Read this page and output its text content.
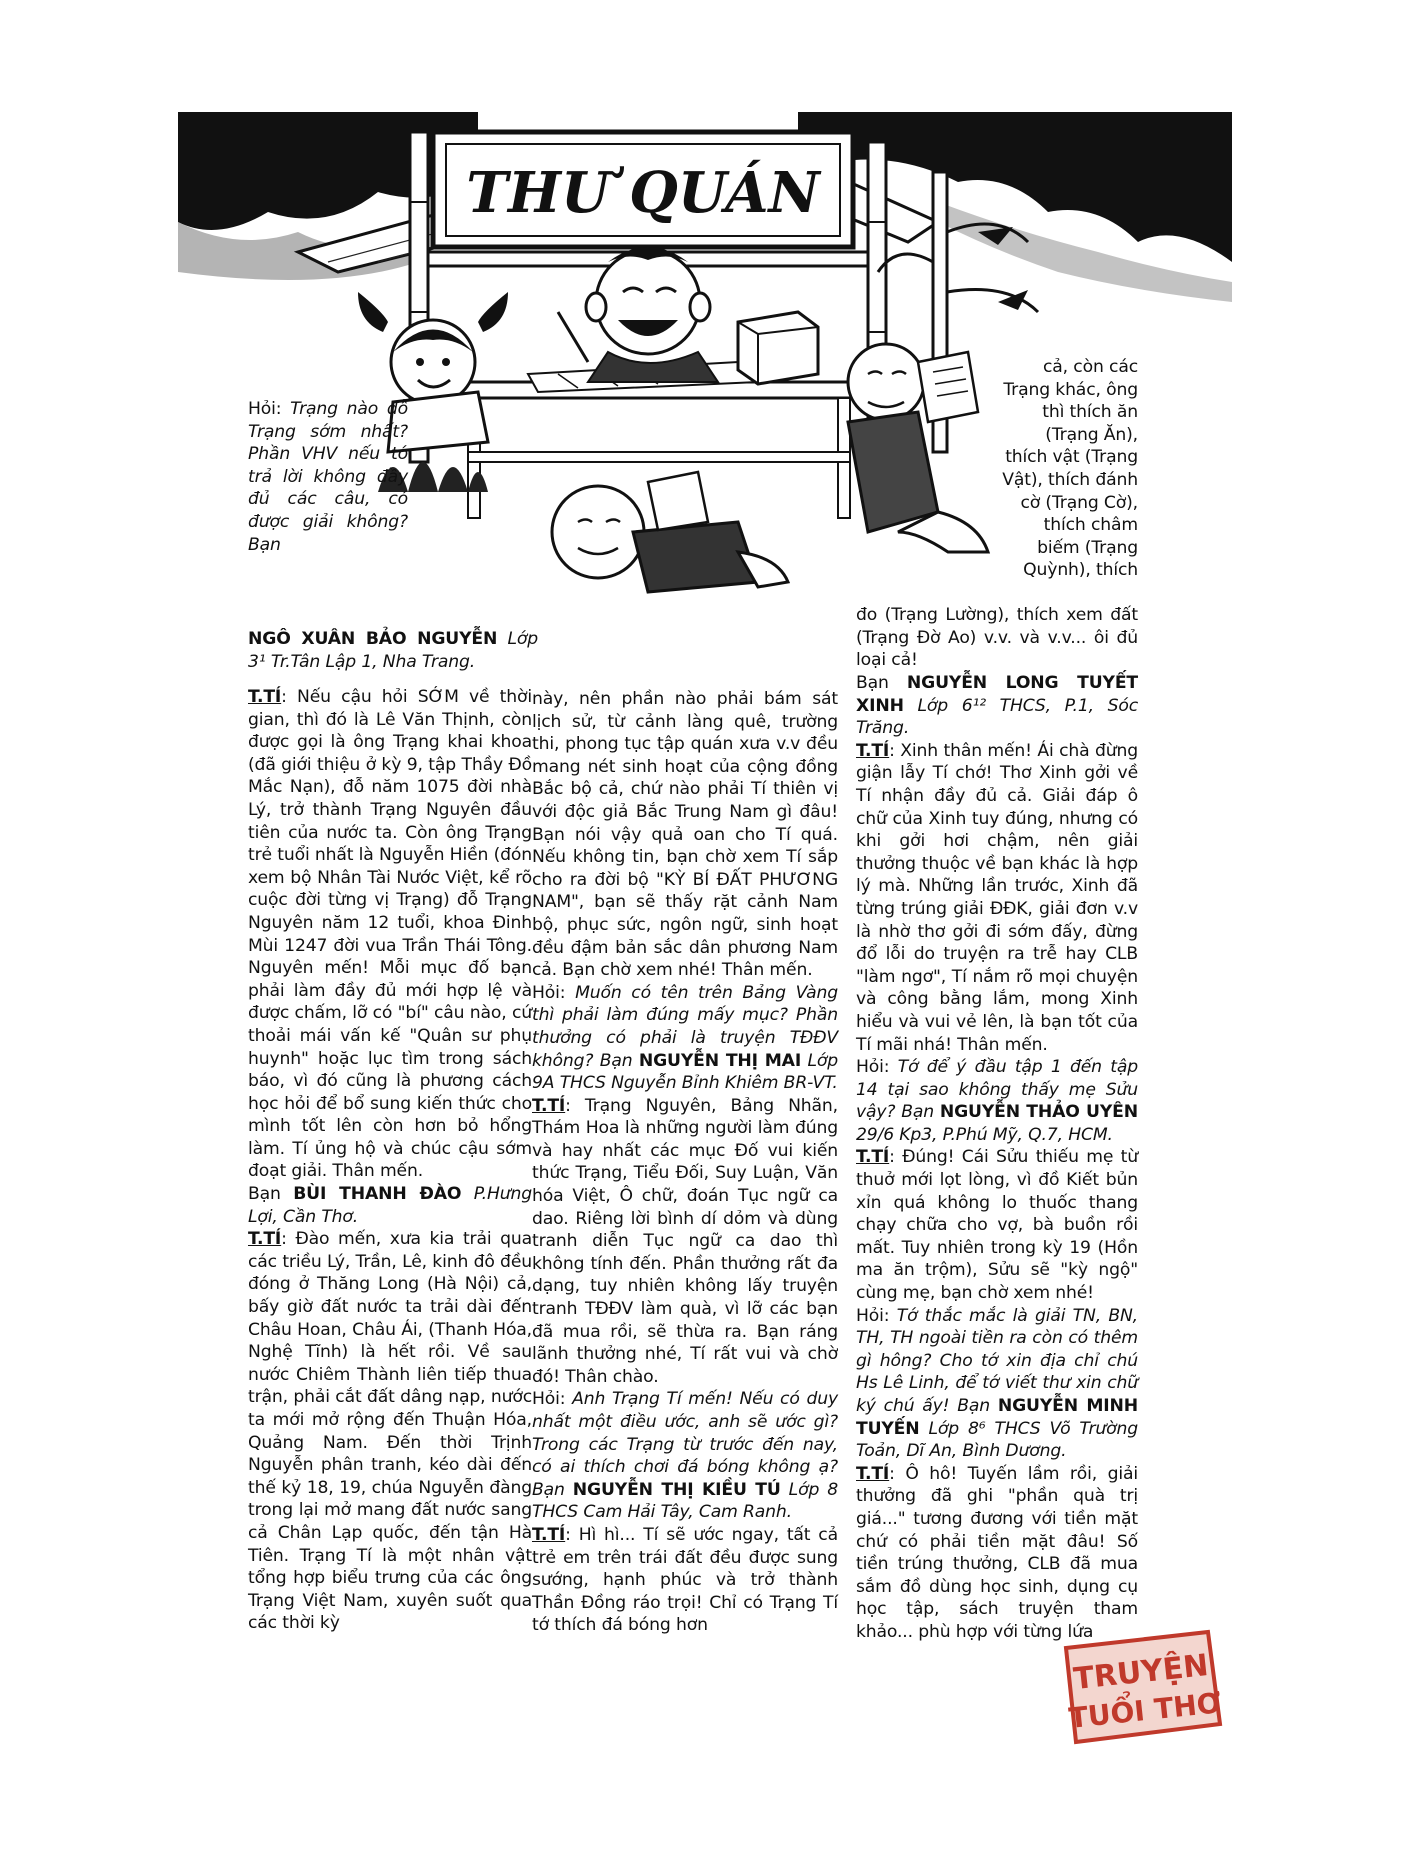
THƯ QUÁN

Hỏi: Trạng nào đỗ Trạng sớm nhất? Phần VHV nếu tớ trả lời không đầy đủ các câu, có được giải không? Bạn

NGÔ XUÂN BẢO NGUYỄN Lớp 3¹ Tr.Tân Lập 1, Nha Trang.

T.TÍ: Nếu cậu hỏi SỚM về thời gian, thì đó là Lê Văn Thịnh, còn được gọi là ông Trạng khai khoa (đã giới thiệu ở kỳ 9, tập Thầy Đồ Mắc Nạn), đỗ năm 1075 đời nhà Lý, trở thành Trạng Nguyên đầu tiên của nước ta. Còn ông Trạng trẻ tuổi nhất là Nguyễn Hiền (đón xem bộ Nhân Tài Nước Việt, kể rõ cuộc đời từng vị Trạng) đỗ Trạng Nguyên năm 12 tuổi, khoa Đinh Mùi 1247 đời vua Trần Thái Tông. Nguyên mến! Mỗi mục đố bạn phải làm đầy đủ mới hợp lệ và được chấm, lỡ có "bí" câu nào, cứ thoải mái vấn kế "Quân sư phụ huynh" hoặc lục tìm trong sách báo, vì đó cũng là phương cách học hỏi để bổ sung kiến thức cho mình tốt lên còn hơn bỏ hổng làm. Tí ủng hộ và chúc cậu sớm đoạt giải. Thân mến.

Bạn BÙI THANH ĐÀO P.Hưng Lợi, Cần Thơ.

T.TÍ: Đào mến, xưa kia trải qua các triều Lý, Trần, Lê, kinh đô đều đóng ở Thăng Long (Hà Nội) cả, bấy giờ đất nước ta trải dài đến Châu Hoan, Châu Ái, (Thanh Hóa, Nghệ Tĩnh) là hết rồi. Về sau nước Chiêm Thành liên tiếp thua trận, phải cắt đất dâng nạp, nước ta mới mở rộng đến Thuận Hóa, Quảng Nam. Đến thời Trịnh Nguyễn phân tranh, kéo dài đến thế kỷ 18, 19, chúa Nguyễn đàng trong lại mở mang đất nước sang cả Chân Lạp quốc, đến tận Hà Tiên. Trạng Tí là một nhân vật tổng hợp biểu trưng của các ông Trạng Việt Nam, xuyên suốt qua các thời kỳ

này, nên phần nào phải bám sát lịch sử, từ cảnh làng quê, trường thi, phong tục tập quán xưa v.v đều mang nét sinh hoạt của cộng đồng Bắc bộ cả, chứ nào phải Tí thiên vị với độc giả Bắc Trung Nam gì đâu! Bạn nói vậy quả oan cho Tí quá. Nếu không tin, bạn chờ xem Tí sắp cho ra đời bộ "KỲ BÍ ĐẤT PHƯƠNG NAM", bạn sẽ thấy rặt cảnh Nam bộ, phục sức, ngôn ngữ, sinh hoạt đều đậm bản sắc dân phương Nam cả. Bạn chờ xem nhé! Thân mến.

Hỏi: Muốn có tên trên Bảng Vàng thì phải làm đúng mấy mục? Phần thưởng có phải là truyện TĐĐV không? Bạn NGUYỄN THỊ MAI Lớp 9A THCS Nguyễn Bỉnh Khiêm BR-VT.

T.TÍ: Trạng Nguyên, Bảng Nhãn, Thám Hoa là những người làm đúng và hay nhất các mục Đố vui kiến thức Trạng, Tiểu Đối, Suy Luận, Văn hóa Việt, Ô chữ, đoán Tục ngữ ca dao. Riêng lời bình dí dỏm và dùng tranh diễn Tục ngữ ca dao thì không tính đến. Phần thưởng rất đa dạng, tuy nhiên không lấy truyện tranh TĐĐV làm quà, vì lỡ các bạn đã mua rồi, sẽ thừa ra. Bạn ráng lãnh thưởng nhé, Tí rất vui và chờ đó! Thân chào.

Hỏi: Anh Trạng Tí mến! Nếu có duy nhất một điều ước, anh sẽ ước gì? Trong các Trạng từ trước đến nay, có ai thích chơi đá bóng không ạ? Bạn NGUYỄN THỊ KIỀU TÚ Lớp 8 THCS Cam Hải Tây, Cam Ranh.

T.TÍ: Hì hì... Tí sẽ ước ngay, tất cả trẻ em trên trái đất đều được sung sướng, hạnh phúc và trở thành Thần Đồng ráo trọi! Chỉ có Trạng Tí tớ thích đá bóng hơn

cả, còn các Trạng khác, ông thì thích ăn (Trạng Ăn), thích vật (Trạng Vật), thích đánh cờ (Trạng Cờ), thích châm biếm (Trạng Quỳnh), thích
đo (Trạng Lường), thích xem đất (Trạng Đờ Ao) v.v. và v.v... ôi đủ loại cả!

Bạn NGUYỄN LONG TUYẾT XINH Lớp 6¹² THCS, P.1, Sóc Trăng.

T.TÍ: Xinh thân mến! Ái chà đừng giận lẫy Tí chớ! Thơ Xinh gởi về Tí nhận đầy đủ cả. Giải đáp ô chữ của Xinh tuy đúng, nhưng có khi gởi hơi chậm, nên giải thưởng thuộc về bạn khác là hợp lý mà. Những lần trước, Xinh đã từng trúng giải ĐĐK, giải đơn v.v là nhờ thơ gởi đi sớm đấy, đừng đổ lỗi do truyện ra trễ hay CLB "làm ngơ", Tí nắm rõ mọi chuyện và công bằng lắm, mong Xinh hiểu và vui vẻ lên, là bạn tốt của Tí mãi nhá! Thân mến.

Hỏi: Tớ để ý đầu tập 1 đến tập 14 tại sao không thấy mẹ Sửu vậy? Bạn NGUYỄN THẢO UYÊN 29/6 Kp3, P.Phú Mỹ, Q.7, HCM.

T.TÍ: Đúng! Cái Sửu thiếu mẹ từ thuở mới lọt lòng, vì đồ Kiết bủn xỉn quá không lo thuốc thang chạy chữa cho vợ, bà buồn rồi mất. Tuy nhiên trong kỳ 19 (Hồn ma ăn trộm), Sửu sẽ "kỳ ngộ" cùng mẹ, bạn chờ xem nhé!

Hỏi: Tớ thắc mắc là giải TN, BN, TH, TH ngoài tiền ra còn có thêm gì hông? Cho tớ xin địa chỉ chú Hs Lê Linh, để tớ viết thư xin chữ ký chú ấy! Bạn NGUYỄN MINH TUYẾN Lớp 8⁶ THCS Võ Trường Toản, Dĩ An, Bình Dương.

T.TÍ: Ô hô! Tuyến lầm rồi, giải thưởng đã ghi "phần quà trị giá..." tương đương với tiền mặt chứ có phải tiền mặt đâu! Số tiền trúng thưởng, CLB đã mua sắm đồ dùng học sinh, dụng cụ học tập, sách truyện tham khảo... phù hợp với từng lứa

TRUYỆN
TUỔI THƠ
